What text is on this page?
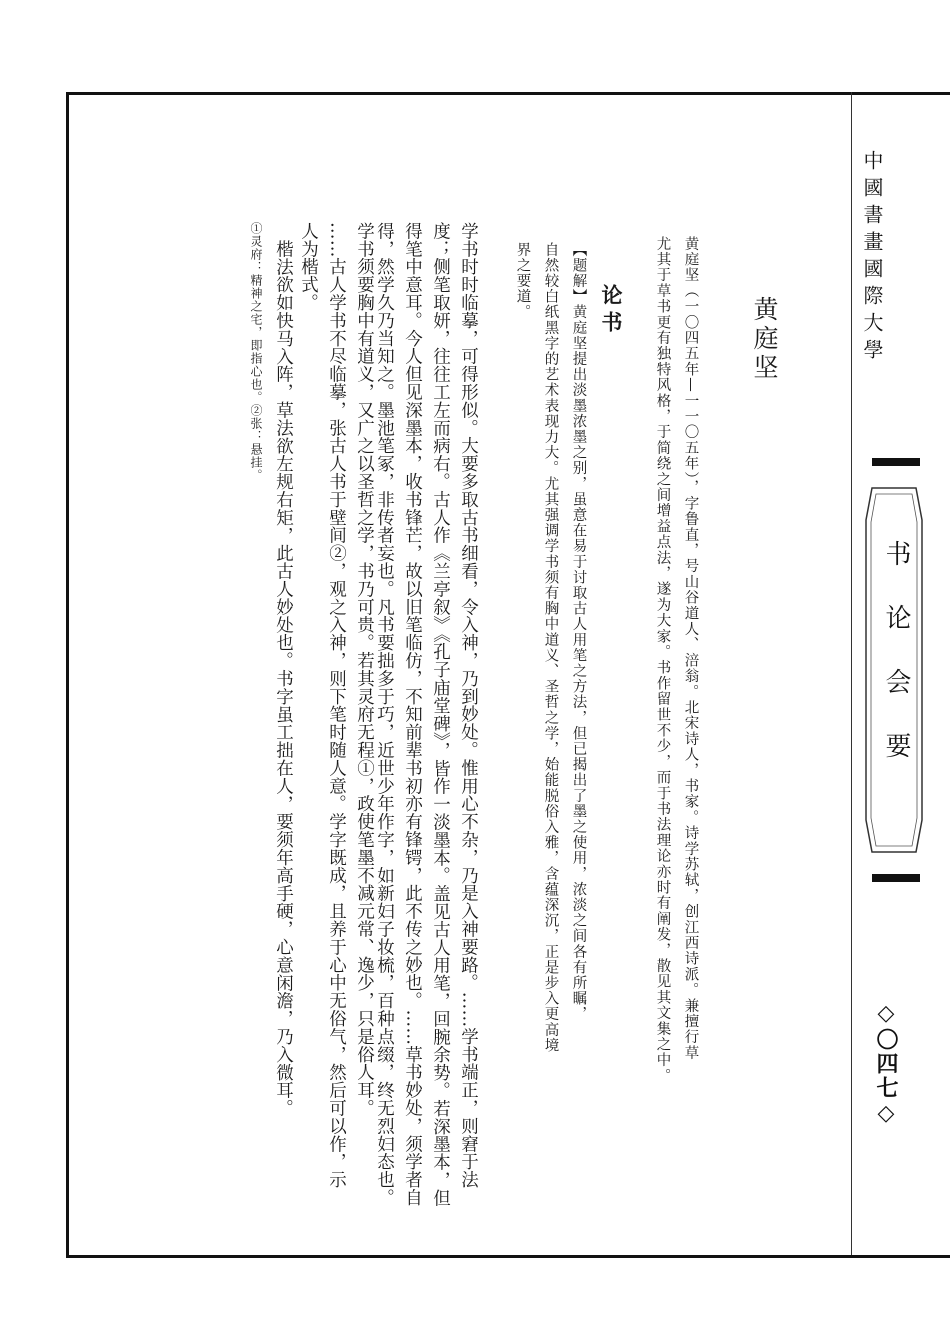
中國書畫國際大學
书论会要
◇〇四七◇
黄庭坚
黄庭坚（一〇四五年—一一〇五年），字鲁直，号山谷道人、涪翁。北宋诗人，书家。诗学苏轼，创江西诗派。兼擅行草
尤其于草书更有独特风格，于简绕之间增益点法，遂为大家。书作留世不少，而于书法理论亦时有阐发，散见其文集之中。
论书
【题解】黄庭坚提出淡墨浓墨之别，虽意在易于讨取古人用笔之方法，但已揭出了墨之使用，浓淡之间各有所瞩，
自然较白纸黑字的艺术表现力大。尤其强调学书须有胸中道义、圣哲之学，始能脱俗入雅，含蕴深沉，正是步入更高境
界之要道。
学书时时临摹，可得形似。大要多取古书细看，令入神，乃到妙处。惟用心不杂，乃是入神要路。……学书端正，则窘于法
度；侧笔取妍，往往工左而病右。古人作《兰亭叙》《孔子庙堂碑》，皆作一淡墨本。盖见古人用笔，回腕余势。若深墨本，但
得笔中意耳。今人但见深墨本，收书锋芒，故以旧笔临仿，不知前辈书初亦有锋锷，此不传之妙也。……草书妙处，须学者自
得，然学久乃当知之。墨池笔冢，非传者妄也。凡书要拙多于巧，近世少年作字，如新妇子妆梳，百种点缀，终无烈妇态也。
学书须要胸中有道义，又广之以圣哲之学，书乃可贵。若其灵府无程①，政使笔墨不减元常、逸少，只是俗人耳。
……古人学书不尽临摹，张古人书于壁间②，观之入神，则下笔时随人意。学字既成，且养于心中无俗气，然后可以作，示
人为楷式。
楷法欲如快马入阵，草法欲左规右矩，此古人妙处也。书字虽工拙在人，要须年高手硬，心意闲澹，乃入微耳。
①灵府：精神之宅，即指心也。②张：悬挂。
